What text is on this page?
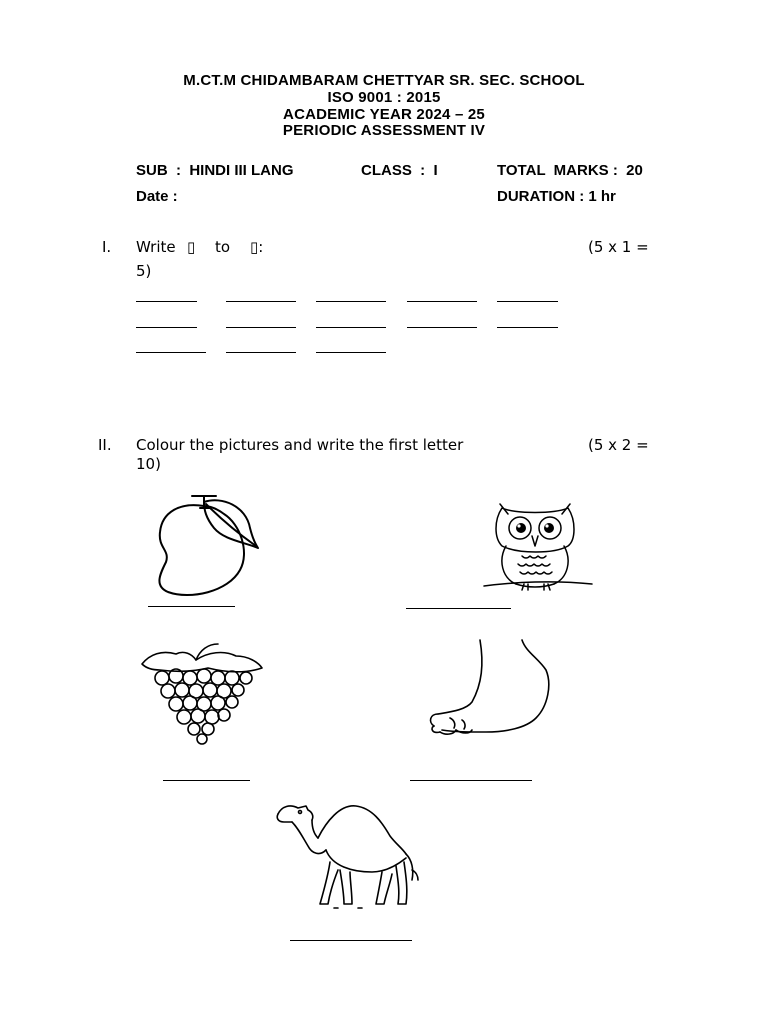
M.CT.M CHIDAMBARAM CHETTYAR SR. SEC. SCHOOL
ISO 9001 : 2015
ACADEMIC YEAR 2024 – 25
PERIODIC ASSESSMENT IV
SUB  :  HINDI III LANG	CLASS  :  I	TOTAL  MARKS :  20
Date :	DURATION : 1 hr
I. Write ▯ to ▯:	(5 x 1 =
5)
II. Colour the pictures and write the first letter	(5 x 2 =
10)
